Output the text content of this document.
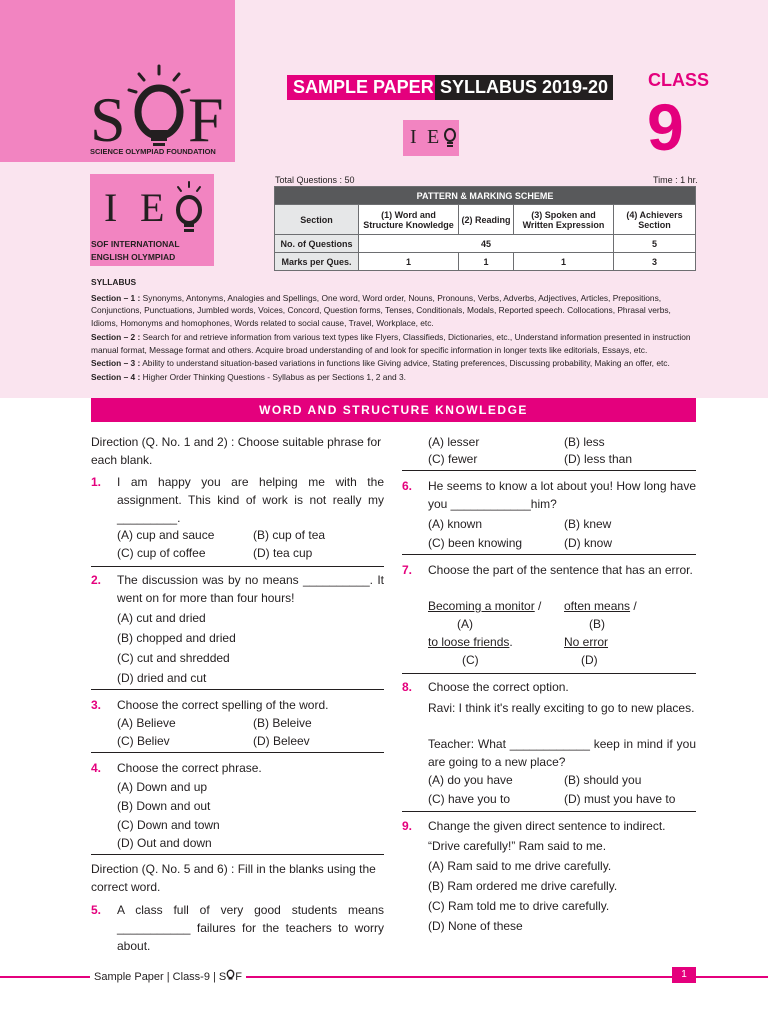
S F
SCIENCE OLYMPIAD FOUNDATION
SAMPLE PAPER SYLLABUS 2019-20
I E
CLASS
9
I E
SOF INTERNATIONAL
ENGLISH OLYMPIAD
Total Questions : 50	Time : 1 hr.
PATTERN & MARKING SCHEME				
Section	(1) Word and Structure Knowledge	(2) Reading	(3) Spoken and Written Expression	(4) Achievers Section
No. of Questions	45			5
Marks per Ques.	1	1	1	3
SYLLABUS

Section – 1 : Synonyms, Antonyms, Analogies and Spellings, One word, Word order, Nouns, Pronouns, Verbs, Adverbs, Adjectives, Articles, Prepositions, Conjunctions, Punctuations, Jumbled words, Voices, Concord, Question forms, Tenses, Conditionals, Modals, Reported speech. Collocations, Phrasal verbs, Idioms, Homonyms and homophones, Words related to social cause, Travel, Workplace, etc.

Section – 2 : Search for and retrieve information from various text types like Flyers, Classifieds, Dictionaries, etc., Understand information presented in instruction manual format, Message format and others. Acquire broad understanding of and look for specific information in longer texts like editorials, Essays, etc.

Section – 3 : Ability to understand situation-based variations in functions like Giving advice, Stating preferences, Discussing probability, Making an offer, etc.

Section – 4 : Higher Order Thinking Questions - Syllabus as per Sections 1, 2 and 3.

WORD AND STRUCTURE KNOWLEDGE
Direction (Q. No. 1 and 2) : Choose suitable phrase for each blank.
1. I am happy you are helping me with the assignment. This kind of work is not really my _________.
(A) cup and sauce	(B) cup of tea
(C) cup of coffee	(D) tea cup
2. The discussion was by no means __________. It went on for more than four hours!
(A) cut and dried
(B) chopped and dried
(C) cut and shredded
(D) dried and cut
3. Choose the correct spelling of the word.
(A) Believe	(B) Beleive
(C) Believ	(D) Beleev
4. Choose the correct phrase.
(A) Down and up
(B) Down and out
(C) Down and town
(D) Out and down
Direction (Q. No. 5 and 6) : Fill in the blanks using the correct word.
5. A class full of very good students means ___________ failures for the teachers to worry about.
(A) lesser	(B) less
(C) fewer	(D) less than
6. He seems to know a lot about you! How long have you ____________him?
(A) known	(B) knew
(C) been knowing	(D) know
7. Choose the part of the sentence that has an error.
Becoming a monitor / often means /
(A)	(B)
to loose friends.	No error
(C)	(D)
8. Choose the correct option.
Ravi: I think it's really exciting to go to new places.
Teacher: What ____________ keep in mind if you are going to a new place?
(A) do you have	(B) should you
(C) have you to	(D) must you have to
9. Change the given direct sentence to indirect.
“Drive carefully!” Ram said to me.
(A) Ram said to me drive carefully.
(B) Ram ordered me drive carefully.
(C) Ram told me to drive carefully.
(D) None of these
Sample Paper | Class-9 | S F	1
